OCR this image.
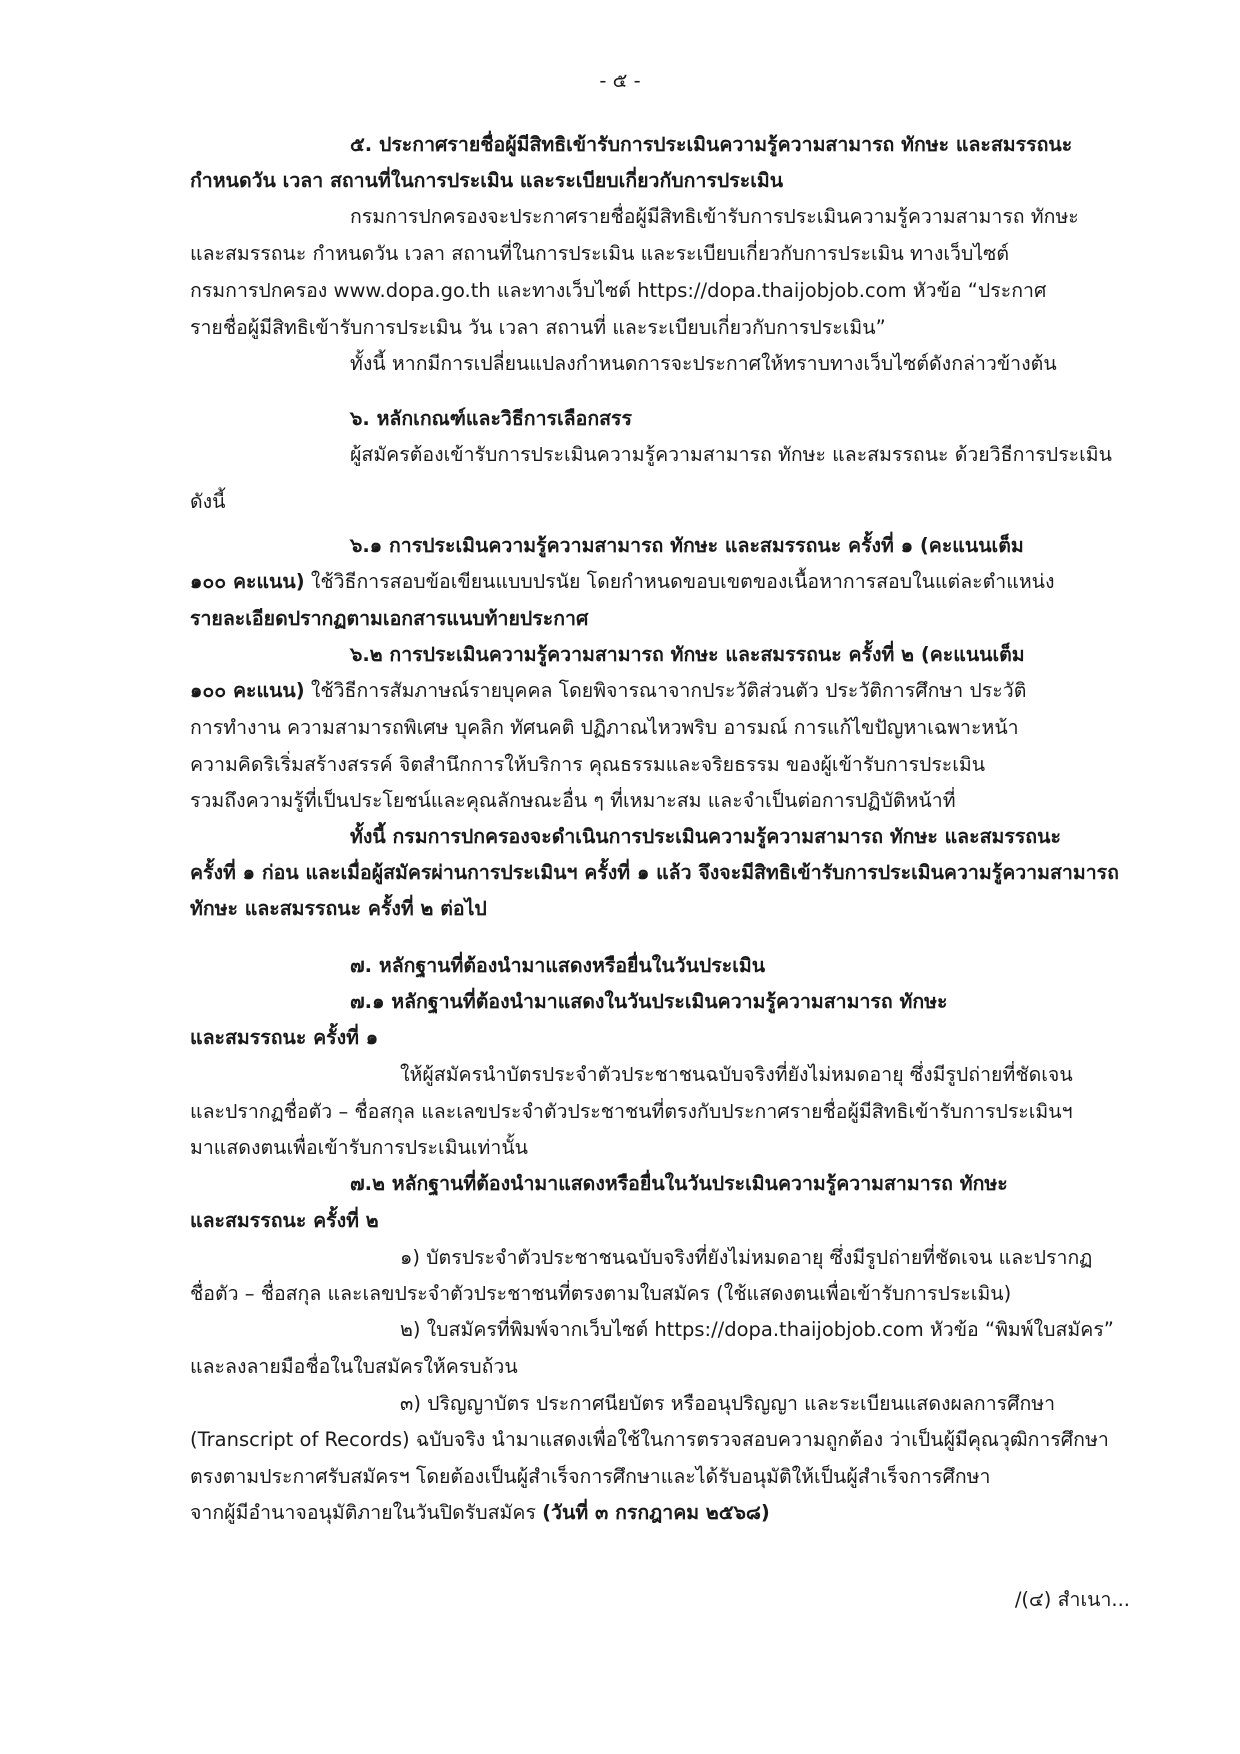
- ๕ -

๕. ประกาศรายชื่อผู้มีสิทธิเข้ารับการประเมินความรู้ความสามารถ ทักษะ และสมรรถนะ

กำหนดวัน เวลา สถานที่ในการประเมิน และระเบียบเกี่ยวกับการประเมิน

กรมการปกครองจะประกาศรายชื่อผู้มีสิทธิเข้ารับการประเมินความรู้ความสามารถ ทักษะ

และสมรรถนะ กำหนดวัน เวลา สถานที่ในการประเมิน และระเบียบเกี่ยวกับการประเมิน ทางเว็บไซต์

กรมการปกครอง www.dopa.go.th และทางเว็บไซต์ https://dopa.thaijobjob.com หัวข้อ “ประกาศ

รายชื่อผู้มีสิทธิเข้ารับการประเมิน วัน เวลา สถานที่ และระเบียบเกี่ยวกับการประเมิน”

ทั้งนี้ หากมีการเปลี่ยนแปลงกำหนดการจะประกาศให้ทราบทางเว็บไซต์ดังกล่าวข้างต้น

๖. หลักเกณฑ์และวิธีการเลือกสรร

ผู้สมัครต้องเข้ารับการประเมินความรู้ความสามารถ ทักษะ และสมรรถนะ ด้วยวิธีการประเมิน

ดังนี้

๖.๑ การประเมินความรู้ความสามารถ ทักษะ และสมรรถนะ ครั้งที่ ๑ (คะแนนเต็ม

๑๐๐ คะแนน) ใช้วิธีการสอบข้อเขียนแบบปรนัย โดยกำหนดขอบเขตของเนื้อหาการสอบในแต่ละตำแหน่ง

รายละเอียดปรากฏตามเอกสารแนบท้ายประกาศ

๖.๒ การประเมินความรู้ความสามารถ ทักษะ และสมรรถนะ ครั้งที่ ๒ (คะแนนเต็ม

๑๐๐ คะแนน) ใช้วิธีการสัมภาษณ์รายบุคคล โดยพิจารณาจากประวัติส่วนตัว ประวัติการศึกษา ประวัติ

การทำงาน ความสามารถพิเศษ บุคลิก ทัศนคติ ปฏิภาณไหวพริบ อารมณ์ การแก้ไขปัญหาเฉพาะหน้า

ความคิดริเริ่มสร้างสรรค์ จิตสำนึกการให้บริการ คุณธรรมและจริยธรรม ของผู้เข้ารับการประเมิน

รวมถึงความรู้ที่เป็นประโยชน์และคุณลักษณะอื่น ๆ ที่เหมาะสม และจำเป็นต่อการปฏิบัติหน้าที่

ทั้งนี้ กรมการปกครองจะดำเนินการประเมินความรู้ความสามารถ ทักษะ และสมรรถนะ

ครั้งที่ ๑ ก่อน และเมื่อผู้สมัครผ่านการประเมินฯ ครั้งที่ ๑ แล้ว จึงจะมีสิทธิเข้ารับการประเมินความรู้ความสามารถ

ทักษะ และสมรรถนะ ครั้งที่ ๒ ต่อไป

๗. หลักฐานที่ต้องนำมาแสดงหรือยื่นในวันประเมิน

๗.๑ หลักฐานที่ต้องนำมาแสดงในวันประเมินความรู้ความสามารถ ทักษะ

และสมรรถนะ ครั้งที่ ๑

ให้ผู้สมัครนำบัตรประจำตัวประชาชนฉบับจริงที่ยังไม่หมดอายุ ซึ่งมีรูปถ่ายที่ชัดเจน

และปรากฏชื่อตัว – ชื่อสกุล และเลขประจำตัวประชาชนที่ตรงกับประกาศรายชื่อผู้มีสิทธิเข้ารับการประเมินฯ

มาแสดงตนเพื่อเข้ารับการประเมินเท่านั้น

๗.๒ หลักฐานที่ต้องนำมาแสดงหรือยื่นในวันประเมินความรู้ความสามารถ ทักษะ

และสมรรถนะ ครั้งที่ ๒

๑) บัตรประจำตัวประชาชนฉบับจริงที่ยังไม่หมดอายุ ซึ่งมีรูปถ่ายที่ชัดเจน และปรากฏ

ชื่อตัว – ชื่อสกุล และเลขประจำตัวประชาชนที่ตรงตามใบสมัคร (ใช้แสดงตนเพื่อเข้ารับการประเมิน)

๒) ใบสมัครที่พิมพ์จากเว็บไซต์ https://dopa.thaijobjob.com หัวข้อ “พิมพ์ใบสมัคร”

และลงลายมือชื่อในใบสมัครให้ครบถ้วน

๓) ปริญญาบัตร ประกาศนียบัตร หรืออนุปริญญา และระเบียนแสดงผลการศึกษา

(Transcript of Records) ฉบับจริง นำมาแสดงเพื่อใช้ในการตรวจสอบความถูกต้อง ว่าเป็นผู้มีคุณวุฒิการศึกษา

ตรงตามประกาศรับสมัครฯ โดยต้องเป็นผู้สำเร็จการศึกษาและได้รับอนุมัติให้เป็นผู้สำเร็จการศึกษา

จากผู้มีอำนาจอนุมัติภายในวันปิดรับสมัคร (วันที่ ๓ กรกฎาคม ๒๕๖๘)

/(๔) สำเนา...
